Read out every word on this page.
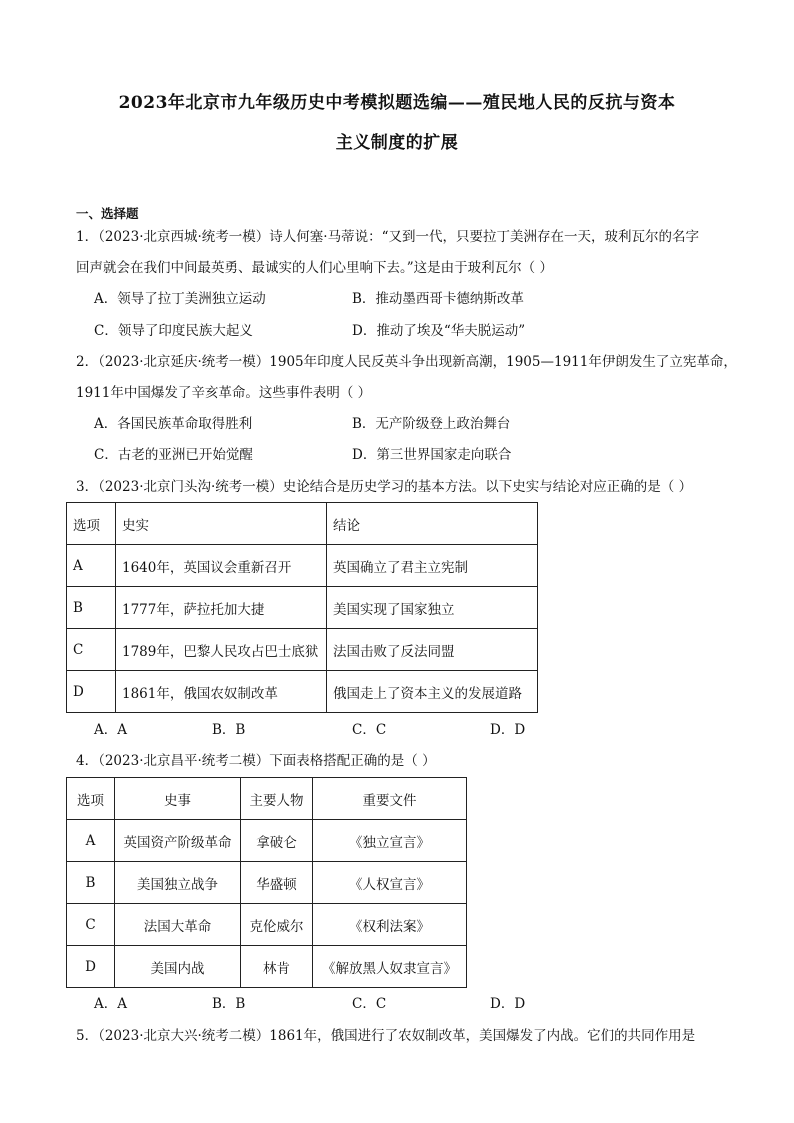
2023年北京市九年级历史中考模拟题选编——殖民地人民的反抗与资本
主义制度的扩展
一、选择题
1．（2023·北京西城·统考一模）诗人何塞·马蒂说：“又到一代，只要拉丁美洲存在一天，玻利瓦尔的名字
回声就会在我们中间最英勇、最诚实的人们心里响下去。”这是由于玻利瓦尔（ ）
A．领导了拉丁美洲独立运动	B．推动墨西哥卡德纳斯改革
C．领导了印度民族大起义	D．推动了埃及“华夫脱运动”
2．（2023·北京延庆·统考一模）1905年印度人民反英斗争出现新高潮，1905—1911年伊朗发生了立宪革命，
1911年中国爆发了辛亥革命。这些事件表明（ ）
A．各国民族革命取得胜利	B．无产阶级登上政治舞台
C．古老的亚洲已开始觉醒	D．第三世界国家走向联合
3．（2023·北京门头沟·统考一模）史论结合是历史学习的基本方法。以下史实与结论对应正确的是（ ）
选项	史实	结论
A	1640年，英国议会重新召开	英国确立了君主立宪制
B	1777年，萨拉托加大捷	美国实现了国家独立
C	1789年，巴黎人民攻占巴士底狱	法国击败了反法同盟
D	1861年，俄国农奴制改革	俄国走上了资本主义的发展道路
A．A	B．B	C．C	D．D
4．（2023·北京昌平·统考二模）下面表格搭配正确的是（ ）
选项	史事	主要人物	重要文件
A	英国资产阶级革命	拿破仑	《独立宣言》
B	美国独立战争	华盛顿	《人权宣言》
C	法国大革命	克伦威尔	《权利法案》
D	美国内战	林肯	《解放黑人奴隶宣言》
A．A	B．B	C．C	D．D
5．（2023·北京大兴·统考二模）1861年，俄国进行了农奴制改革，美国爆发了内战。它们的共同作用是
